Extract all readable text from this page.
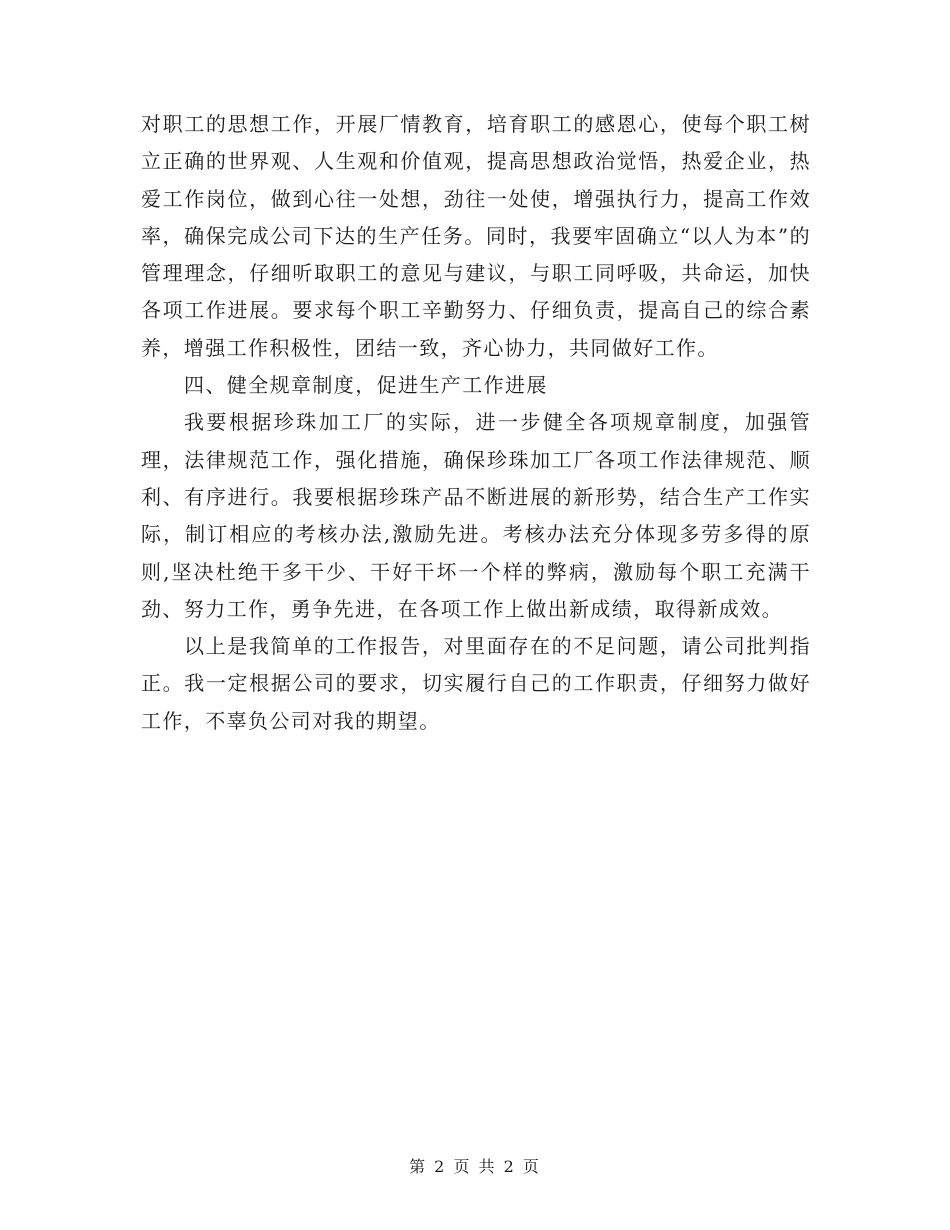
对职工的思想工作，开展厂情教育，培育职工的感恩心，使每个职工树立正确的世界观、人生观和价值观，提高思想政治觉悟，热爱企业，热爱工作岗位，做到心往一处想，劲往一处使，增强执行力，提高工作效率，确保完成公司下达的生产任务。同时，我要牢固确立“以人为本”的管理理念，仔细听取职工的意见与建议，与职工同呼吸，共命运，加快各项工作进展。要求每个职工辛勤努力、仔细负责，提高自己的综合素养，增强工作积极性，团结一致，齐心协力，共同做好工作。

四、健全规章制度，促进生产工作进展

我要根据珍珠加工厂的实际，进一步健全各项规章制度，加强管理，法律规范工作，强化措施，确保珍珠加工厂各项工作法律规范、顺利、有序进行。我要根据珍珠产品不断进展的新形势，结合生产工作实际，制订相应的考核办法,激励先进。考核办法充分体现多劳多得的原则,坚决杜绝干多干少、干好干坏一个样的弊病，激励每个职工充满干劲、努力工作，勇争先进，在各项工作上做出新成绩，取得新成效。

以上是我简单的工作报告，对里面存在的不足问题，请公司批判指正。我一定根据公司的要求，切实履行自己的工作职责，仔细努力做好工作，不辜负公司对我的期望。

第 2 页 共 2 页
